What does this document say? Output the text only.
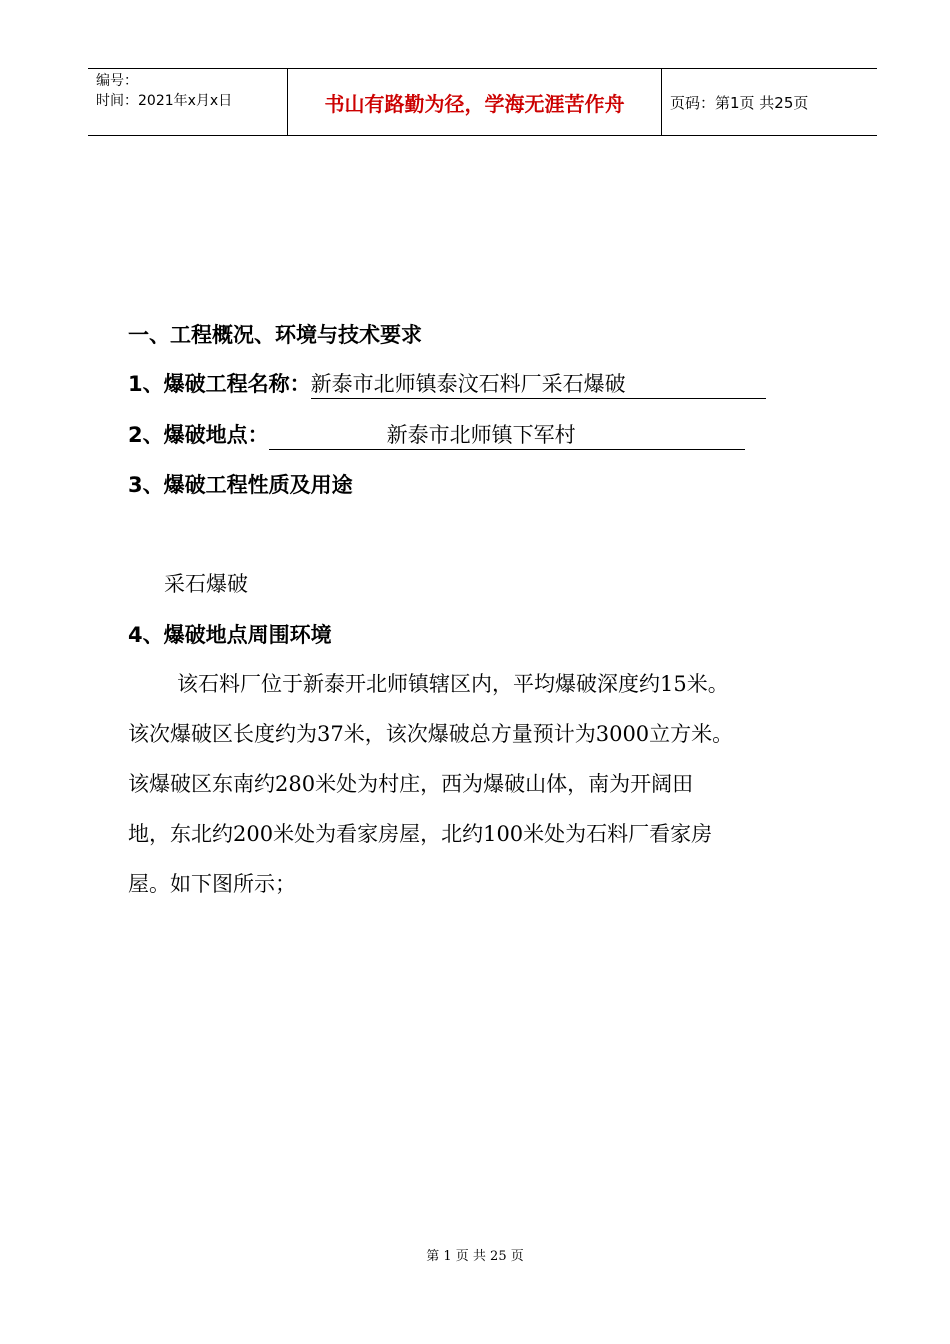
编号：
时间：2021年x月x日	书山有路勤为径，学海无涯苦作舟	页码：第1页 共25页
一、工程概况、环境与技术要求
1、爆破工程名称：新泰市北师镇泰汶石料厂采石爆破
2、爆破地点：	新泰市北师镇下军村
3、爆破工程性质及用途
采石爆破
4、爆破地点周围环境
该石料厂位于新泰开北师镇辖区内，平均爆破深度约15米。
该次爆破区长度约为37米，该次爆破总方量预计为3000立方米。
该爆破区东南约280米处为村庄，西为爆破山体，南为开阔田
地，东北约200米处为看家房屋，北约100米处为石料厂看家房
屋。如下图所示；
第 1 页 共 25 页
